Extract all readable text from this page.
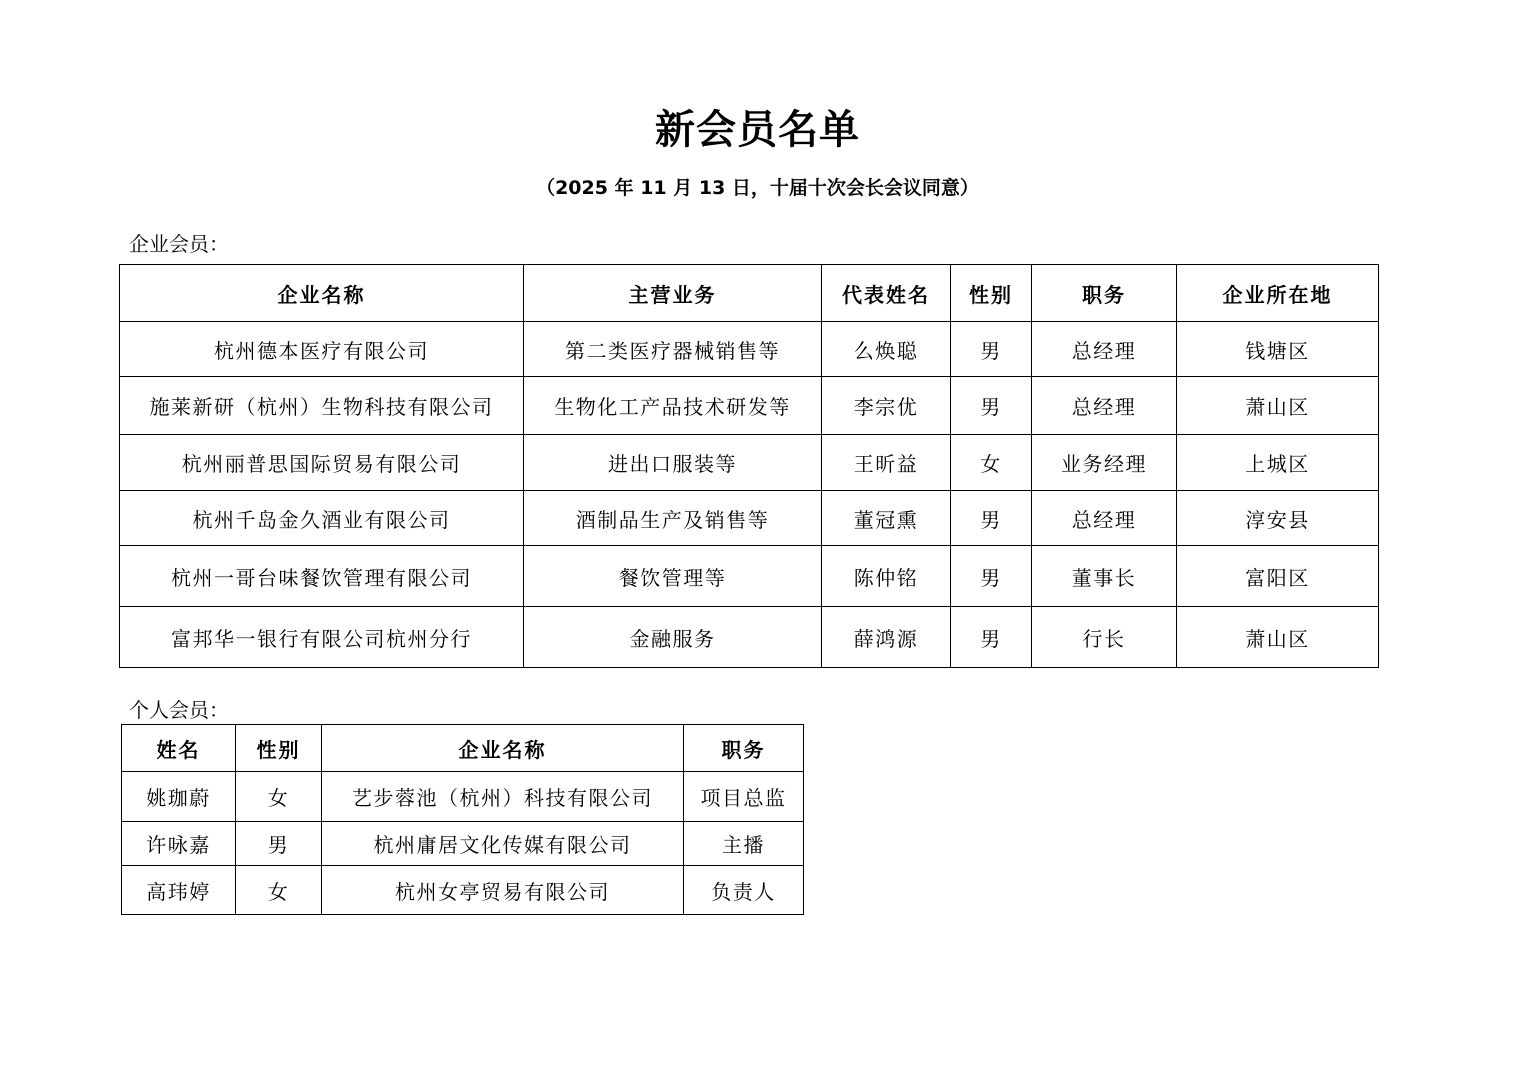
新会员名单
（2025 年 11 月 13 日，十届十次会长会议同意）
企业会员：
企业名称	主营业务	代表姓名	性别	职务	企业所在地
杭州德本医疗有限公司	第二类医疗器械销售等	么焕聪	男	总经理	钱塘区
施莱新研（杭州）生物科技有限公司	生物化工产品技术研发等	李宗优	男	总经理	萧山区
杭州丽普思国际贸易有限公司	进出口服装等	王昕益	女	业务经理	上城区
杭州千岛金久酒业有限公司	酒制品生产及销售等	董冠熏	男	总经理	淳安县
杭州一哥台味餐饮管理有限公司	餐饮管理等	陈仲铭	男	董事长	富阳区
富邦华一银行有限公司杭州分行	金融服务	薛鸿源	男	行长	萧山区
个人会员：
姓名	性别	企业名称	职务
姚珈蔚	女	艺步蓉池（杭州）科技有限公司	项目总监
许咏嘉	男	杭州庸居文化传媒有限公司	主播
高玮婷	女	杭州女亭贸易有限公司	负责人
